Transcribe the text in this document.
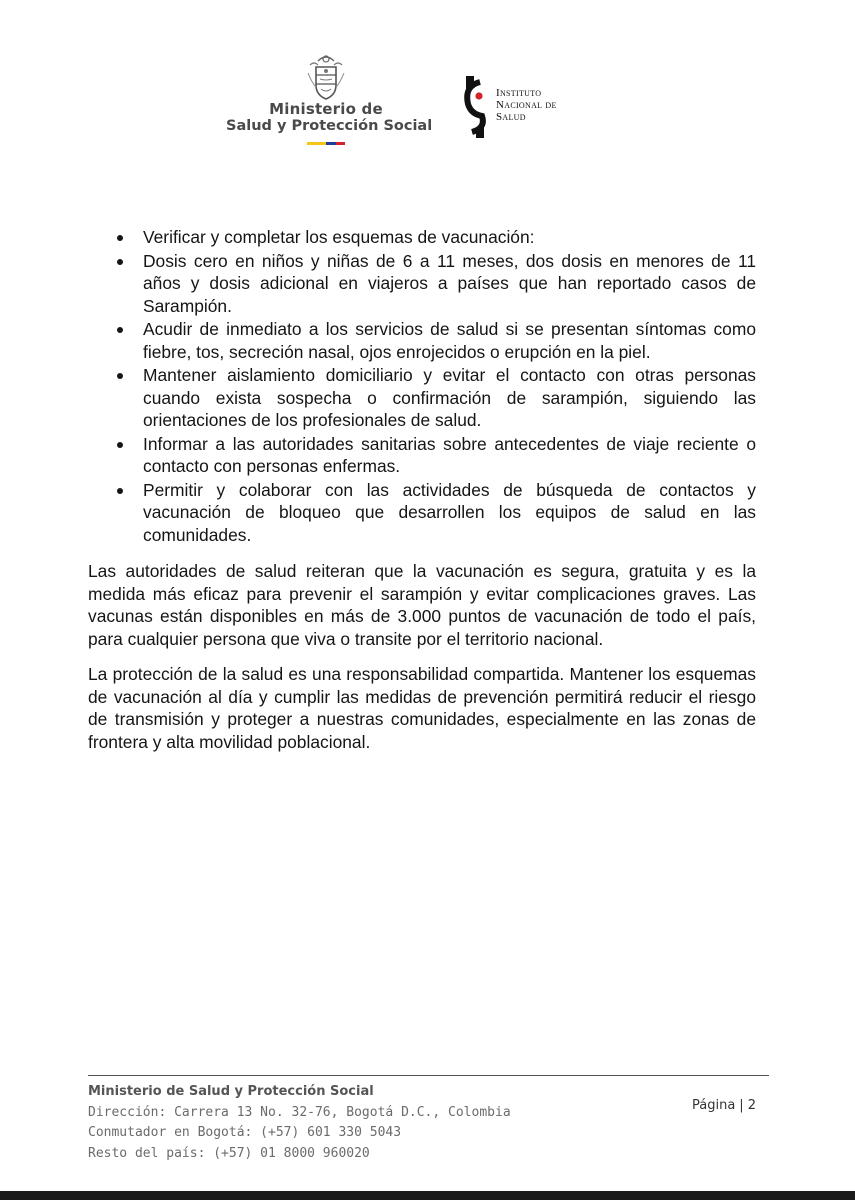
Ministerio de
Salud y Protección Social
Instituto
Nacional de
Salud
Verificar y completar los esquemas de vacunación:
Dosis cero en niños y niñas de 6 a 11 meses, dos dosis en menores de 11 años y dosis adicional en viajeros a países que han reportado casos de Sarampión.
Acudir de inmediato a los servicios de salud si se presentan síntomas como fiebre, tos, secreción nasal, ojos enrojecidos o erupción en la piel.
Mantener aislamiento domiciliario y evitar el contacto con otras personas cuando exista sospecha o confirmación de sarampión, siguiendo las orientaciones de los profesionales de salud.
Informar a las autoridades sanitarias sobre antecedentes de viaje reciente o contacto con personas enfermas.
Permitir y colaborar con las actividades de búsqueda de contactos y vacunación de bloqueo que desarrollen los equipos de salud en las comunidades.

Las autoridades de salud reiteran que la vacunación es segura, gratuita y es la medida más eficaz para prevenir el sarampión y evitar complicaciones graves. Las vacunas están disponibles en más de 3.000 puntos de vacunación de todo el país, para cualquier persona que viva o transite por el territorio nacional.

La protección de la salud es una responsabilidad compartida. Mantener los esquemas de vacunación al día y cumplir las medidas de prevención permitirá reducir el riesgo de transmisión y proteger a nuestras comunidades, especialmente en las zonas de frontera y alta movilidad poblacional.

Ministerio de Salud y Protección Social
Dirección: Carrera 13 No. 32-76, Bogotá D.C., Colombia
Conmutador en Bogotá: (+57) 601 330 5043
Resto del país: (+57) 01 8000 960020
Página | 2
